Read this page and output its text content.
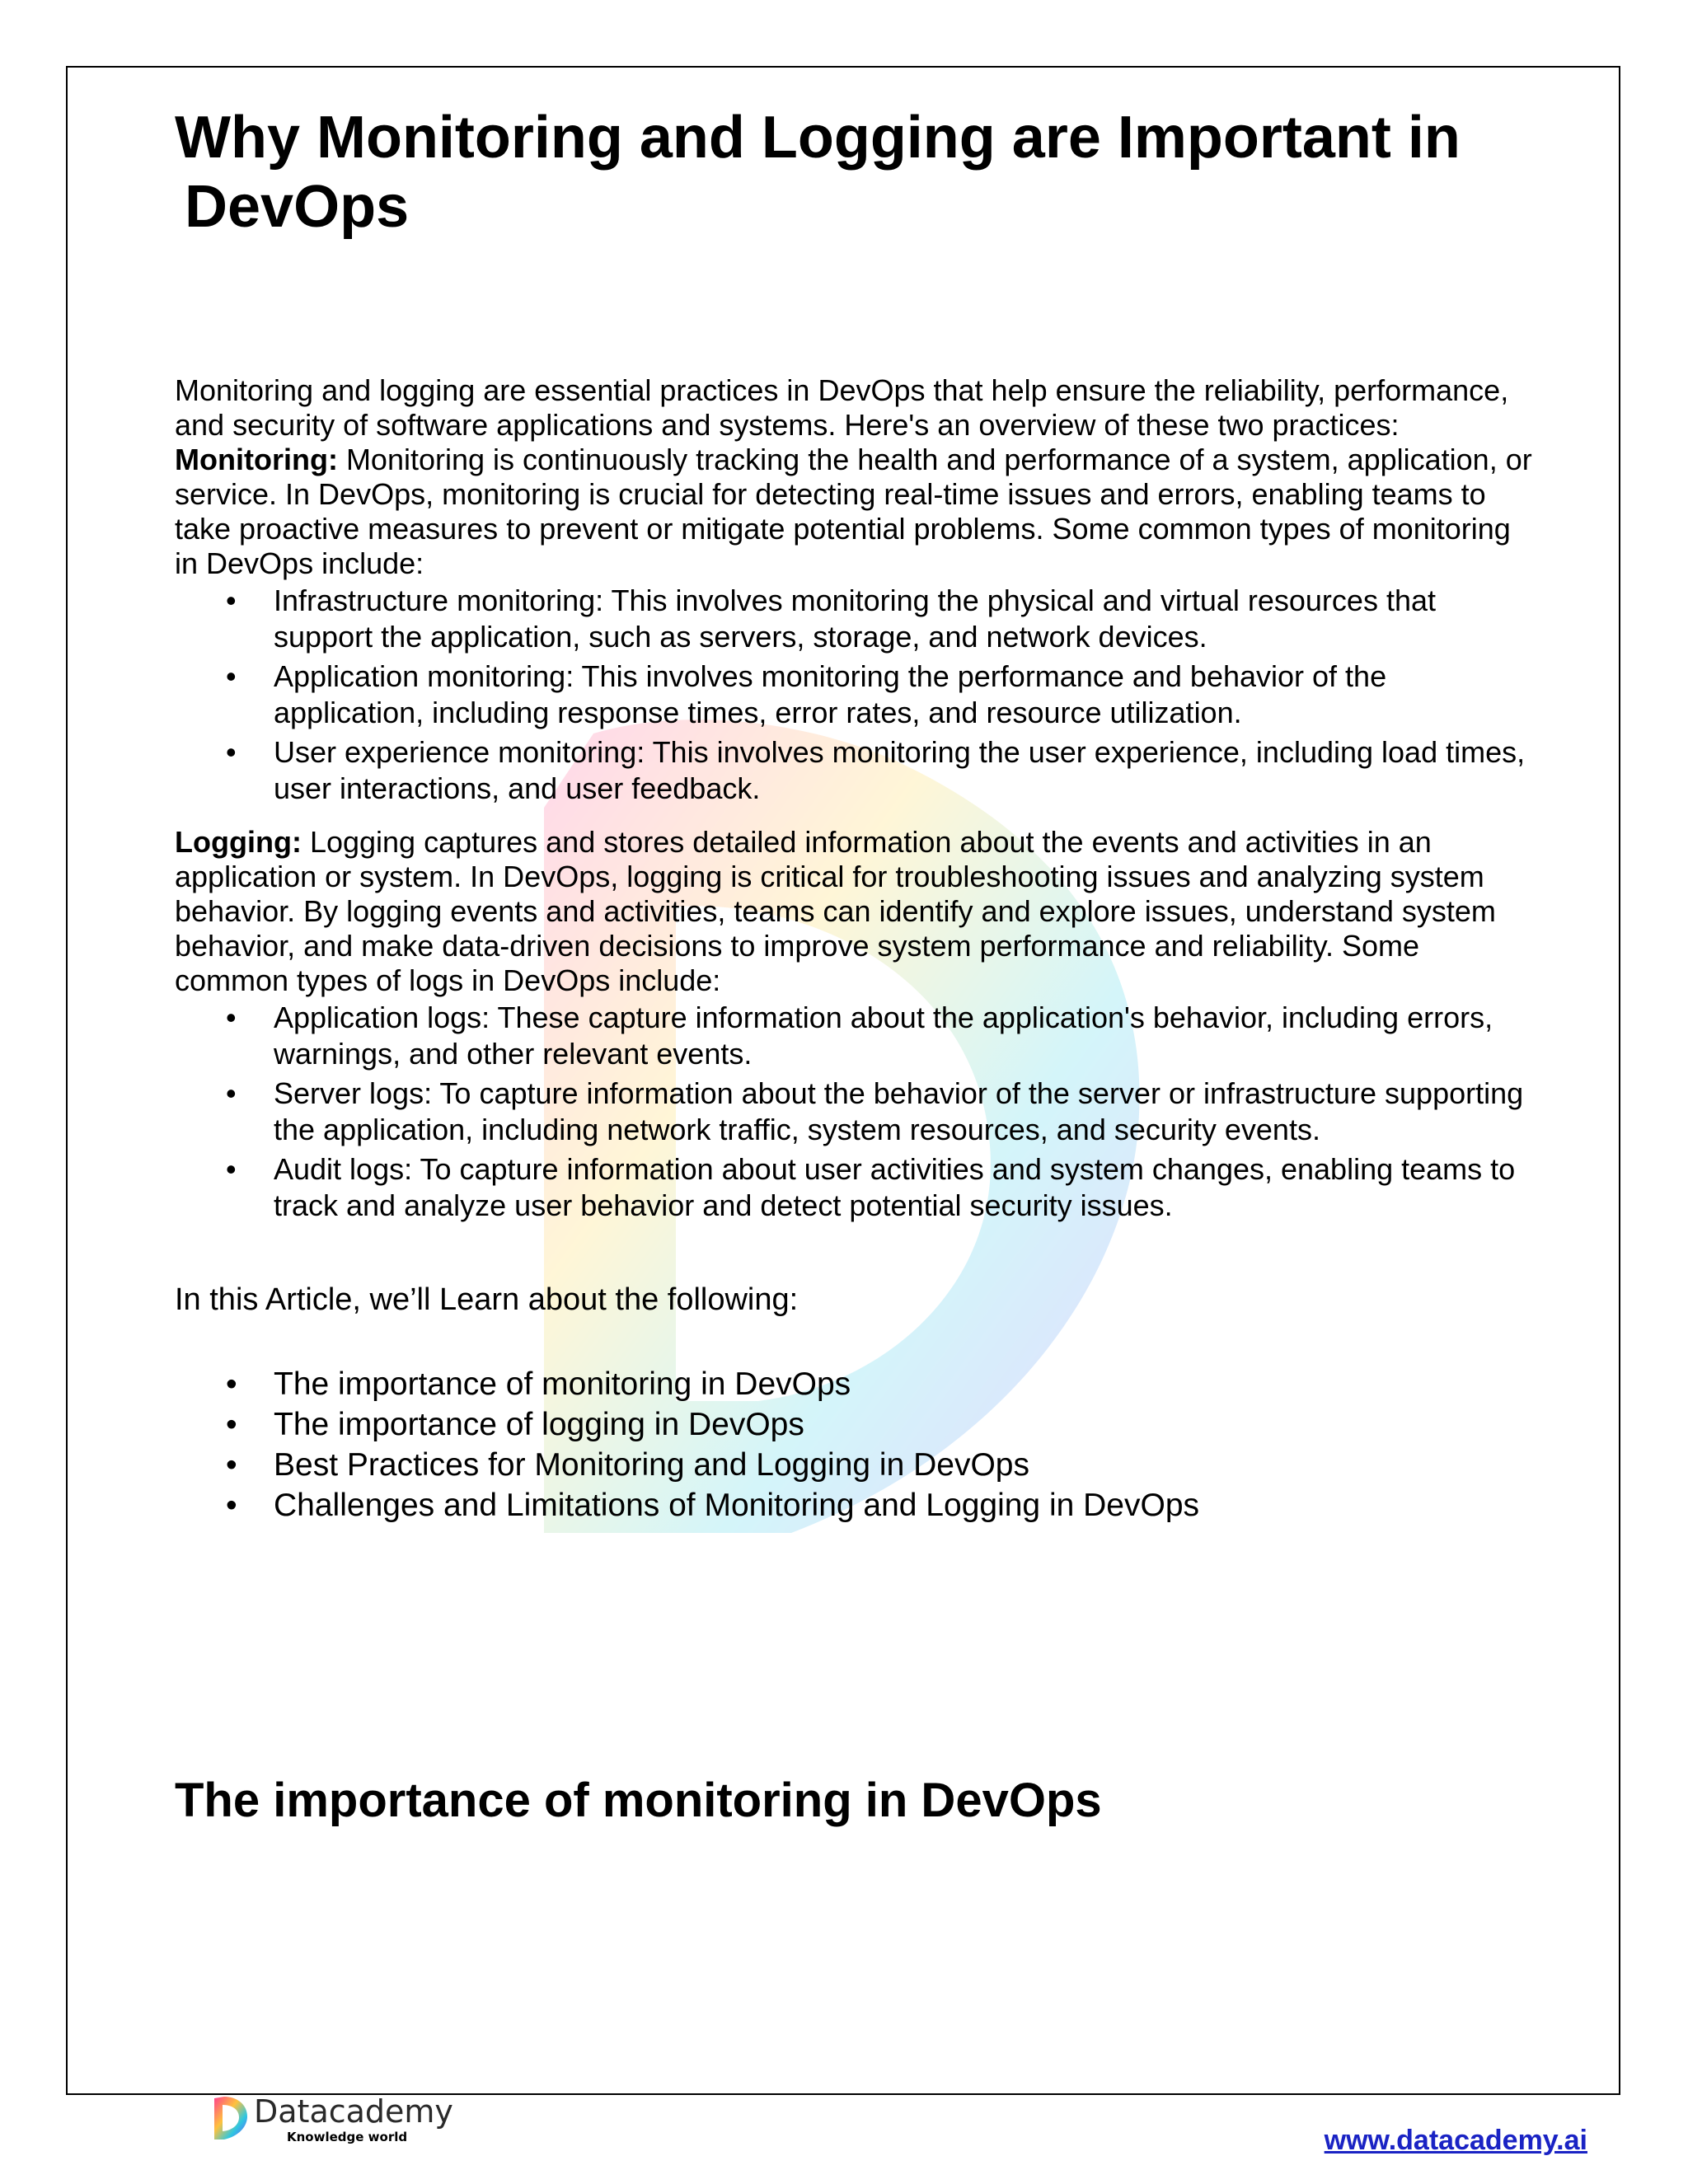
Why Monitoring and Logging are Important in DevOps

Monitoring and logging are essential practices in DevOps that help ensure the reliability, performance, and security of software applications and systems. Here's an overview of these two practices:

Monitoring: Monitoring is continuously tracking the health and performance of a system, application, or service. In DevOps, monitoring is crucial for detecting real-time issues and errors, enabling teams to take proactive measures to prevent or mitigate potential problems. Some common types of monitoring in DevOps include:

• Infrastructure monitoring: This involves monitoring the physical and virtual resources that support the application, such as servers, storage, and network devices.
• Application monitoring: This involves monitoring the performance and behavior of the application, including response times, error rates, and resource utilization.
• User experience monitoring: This involves monitoring the user experience, including load times, user interactions, and user feedback.

Logging: Logging captures and stores detailed information about the events and activities in an application or system. In DevOps, logging is critical for troubleshooting issues and analyzing system behavior. By logging events and activities, teams can identify and explore issues, understand system behavior, and make data-driven decisions to improve system performance and reliability. Some common types of logs in DevOps include:

• Application logs: These capture information about the application's behavior, including errors, warnings, and other relevant events.
• Server logs: To capture information about the behavior of the server or infrastructure supporting the application, including network traffic, system resources, and security events.
• Audit logs: To capture information about user activities and system changes, enabling teams to track and analyze user behavior and detect potential security issues.

In this Article, we’ll Learn about the following:

• The importance of monitoring in DevOps
• The importance of logging in DevOps
• Best Practices for Monitoring and Logging in DevOps
• Challenges and Limitations of Monitoring and Logging in DevOps
The importance of monitoring in DevOps
Datacademy
Knowledge world	www.datacademy.ai
